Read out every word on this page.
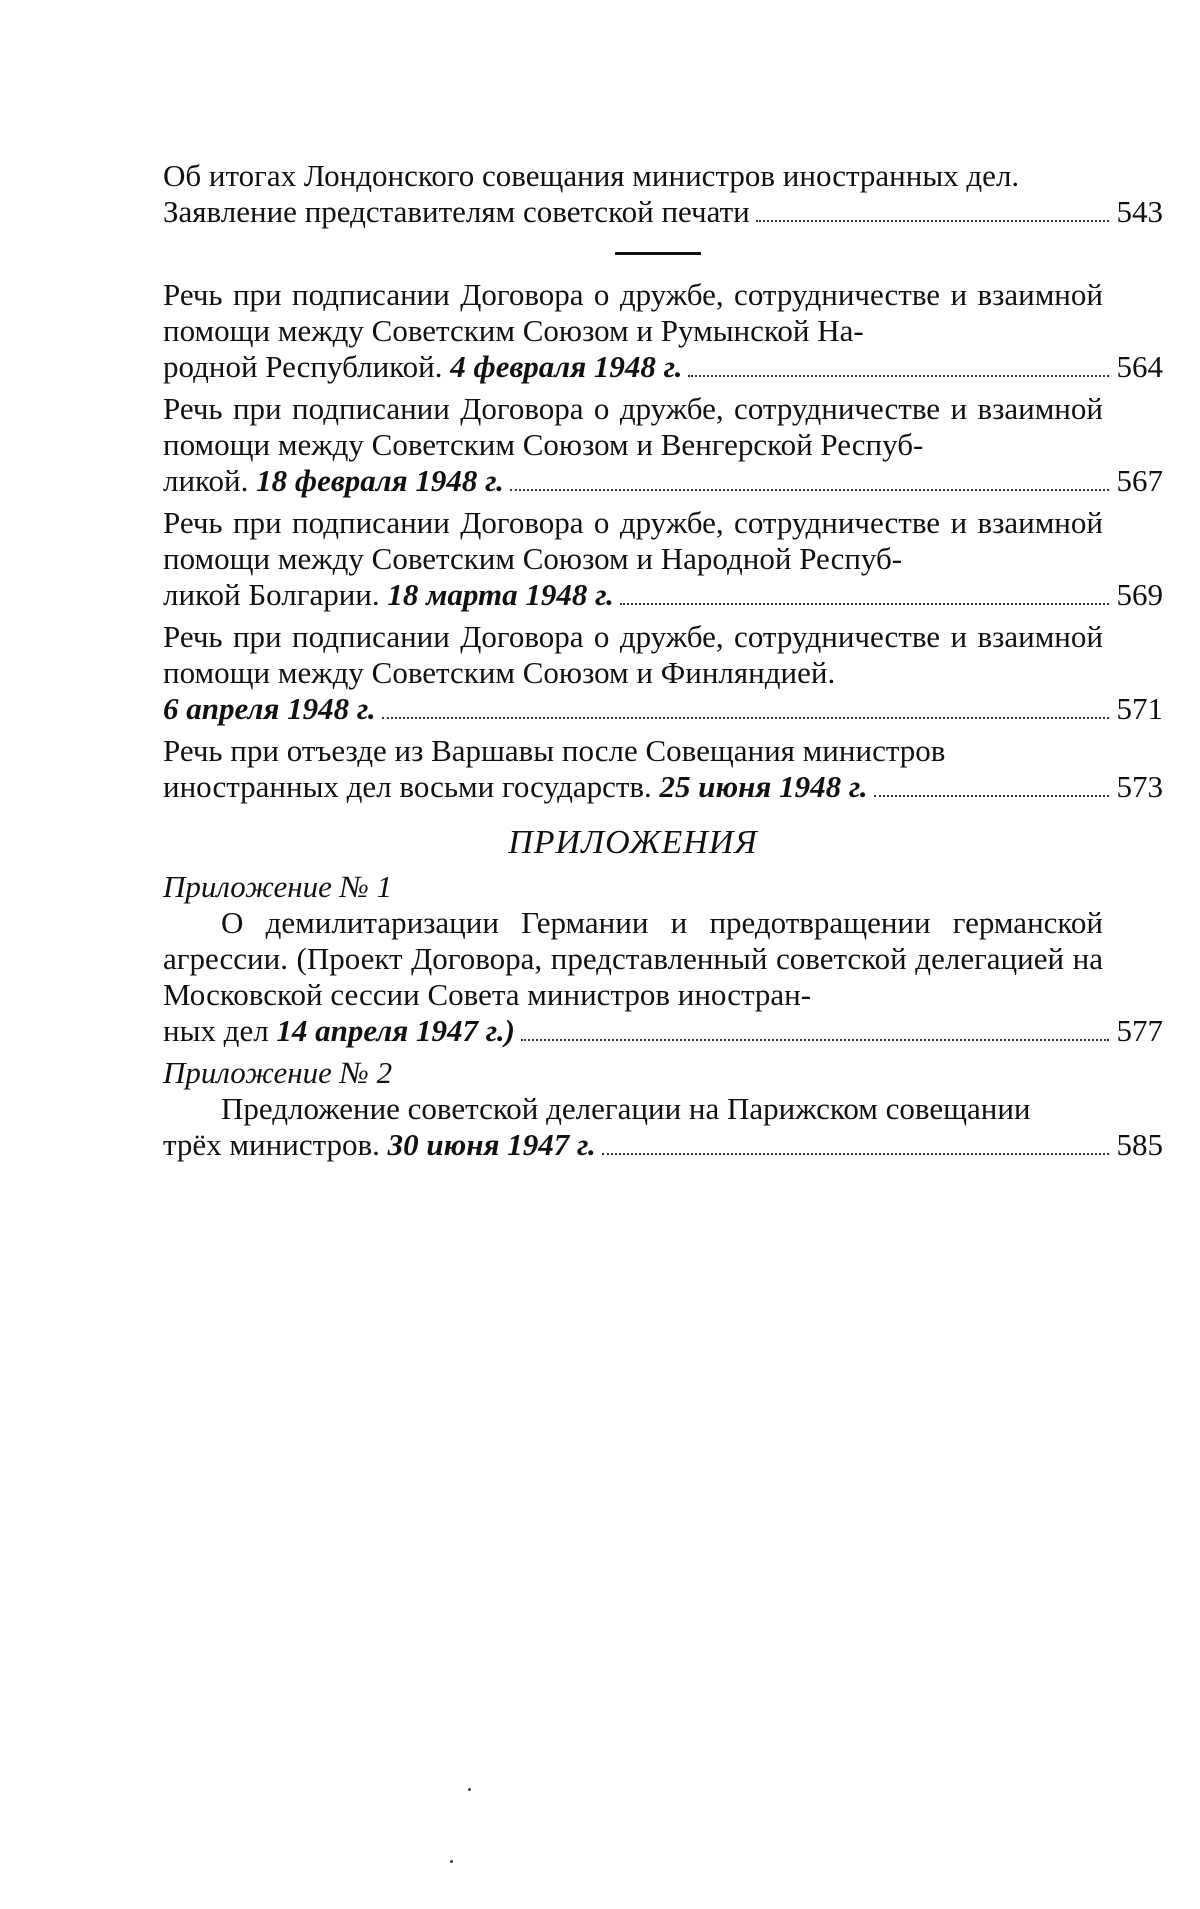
Об итогах Лондонского совещания министров иностранных дел.
Заявление представителям советской печати	543
Речь при подписании Договора о дружбе, сотрудничестве и взаимной помощи между Советским Союзом и Румынской На-
родной Республикой. 4 февраля 1948 г.	564
Речь при подписании Договора о дружбе, сотрудничестве и взаимной помощи между Советским Союзом и Венгерской Респуб-
ликой. 18 февраля 1948 г.	567
Речь при подписании Договора о дружбе, сотрудничестве и взаимной помощи между Советским Союзом и Народной Респуб-
ликой Болгарии. 18 марта 1948 г.	569
Речь при подписании Договора о дружбе, сотрудничестве и взаимной помощи между Советским Союзом и Финляндией.
6 апреля 1948 г.	571
Речь при отъезде из Варшавы после Совещания министров
иностранных дел восьми государств. 25 июня 1948 г.	573
ПРИЛОЖЕНИЯ
Приложение № 1
О демилитаризации Германии и предотвращении германской агрессии. (Проект Договора, представленный советской делегацией на Московской сессии Совета министров иностран-
ных дел 14 апреля 1947 г.)	577
Приложение № 2
Предложение советской делегации на Парижском совещании
трёх министров. 30 июня 1947 г.	585
